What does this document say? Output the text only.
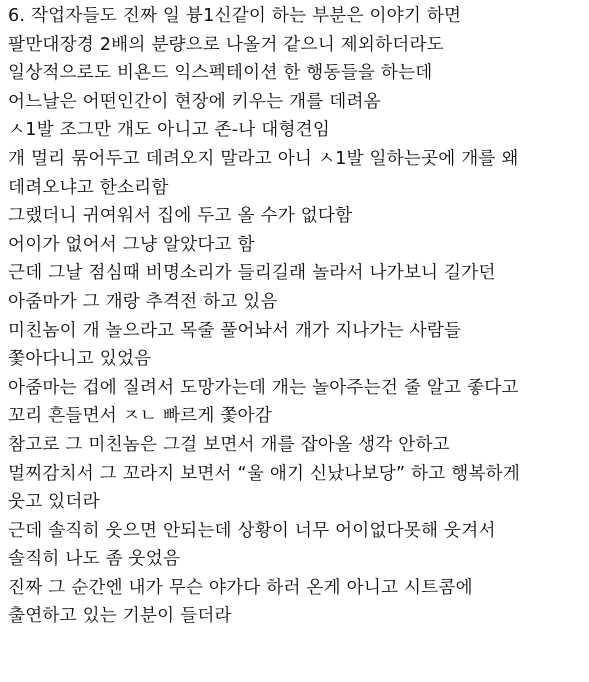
6. 작업자들도 진짜 일 븅1신같이 하는 부분은 이야기 하면
팔만대장경 2배의 분량으로 나올거 같으니 제외하더라도
일상적으로도 비욘드 익스펙테이션 한 행동들을 하는데
어느날은 어떤인간이 현장에 키우는 개를 데려옴
ㅅ1발 조그만 개도 아니고 존-나 대형견임
개 멀리 묶어두고 데려오지 말라고 아니 ㅅ1발 일하는곳에 개를 왜
데려오냐고 한소리함
그랬더니 귀여워서 집에 두고 올 수가 없다함
어이가 없어서 그냥 알았다고 함
근데 그날 점심때 비명소리가 들리길래 놀라서 나가보니 길가던
아줌마가 그 개랑 추격전 하고 있음
미친놈이 개 놀으라고 목줄 풀어놔서 개가 지나가는 사람들
쫓아다니고 있었음
아줌마는 겁에 질려서 도망가는데 개는 놀아주는건 줄 알고 좋다고
꼬리 흔들면서 ㅈㄴ 빠르게 쫓아감
참고로 그 미친놈은 그걸 보면서 개를 잡아올 생각 안하고
멀찌감치서 그 꼬라지 보면서 “울 애기 신났나보당” 하고 행복하게
웃고 있더라
근데 솔직히 웃으면 안되는데 상황이 너무 어이없다못해 웃겨서
솔직히 나도 좀 웃었음
진짜 그 순간엔 내가 무슨 야가다 하러 온게 아니고 시트콤에
출연하고 있는 기분이 들더라
